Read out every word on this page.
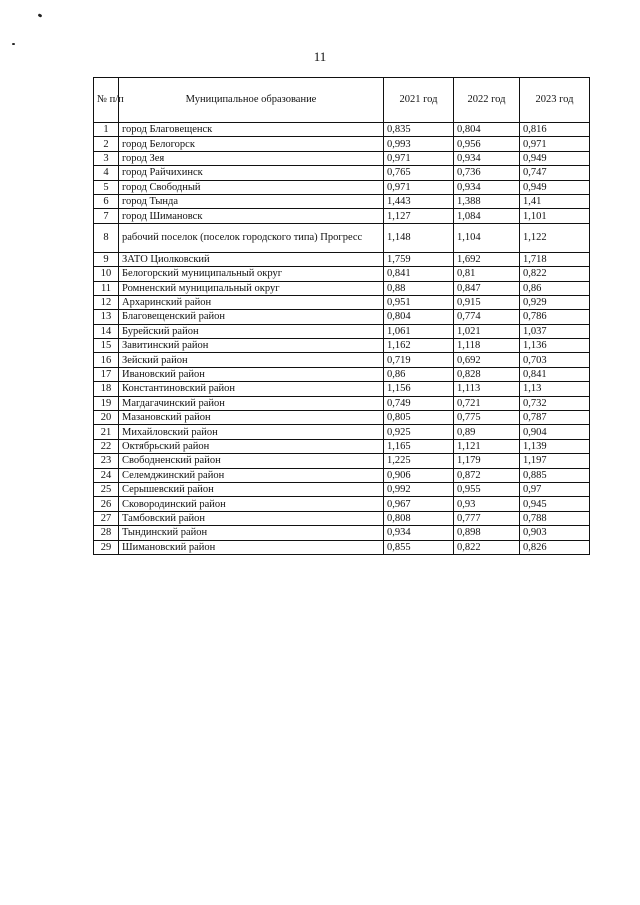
11
№ п/п	Муниципальное образование	2021 год	2022 год	2023 год
1	город Благовещенск	0,835	0,804	0,816
2	город Белогорск	0,993	0,956	0,971
3	город Зея	0,971	0,934	0,949
4	город Райчихинск	0,765	0,736	0,747
5	город Свободный	0,971	0,934	0,949
6	город Тында	1,443	1,388	1,41
7	город Шимановск	1,127	1,084	1,101
8	рабочий поселок (поселок городского типа) Прогресс	1,148	1,104	1,122
9	ЗАТО Циолковский	1,759	1,692	1,718
10	Белогорский муниципальный округ	0,841	0,81	0,822
11	Ромненский муниципальный округ	0,88	0,847	0,86
12	Архаринский район	0,951	0,915	0,929
13	Благовещенский район	0,804	0,774	0,786
14	Бурейский район	1,061	1,021	1,037
15	Завитинский район	1,162	1,118	1,136
16	Зейский район	0,719	0,692	0,703
17	Ивановский район	0,86	0,828	0,841
18	Константиновский район	1,156	1,113	1,13
19	Магдагачинский район	0,749	0,721	0,732
20	Мазановский район	0,805	0,775	0,787
21	Михайловский район	0,925	0,89	0,904
22	Октябрьский район	1,165	1,121	1,139
23	Свободненский район	1,225	1,179	1,197
24	Селемджинский район	0,906	0,872	0,885
25	Серышевский район	0,992	0,955	0,97
26	Сковородинский район	0,967	0,93	0,945
27	Тамбовский район	0,808	0,777	0,788
28	Тындинский район	0,934	0,898	0,903
29	Шимановский район	0,855	0,822	0,826
